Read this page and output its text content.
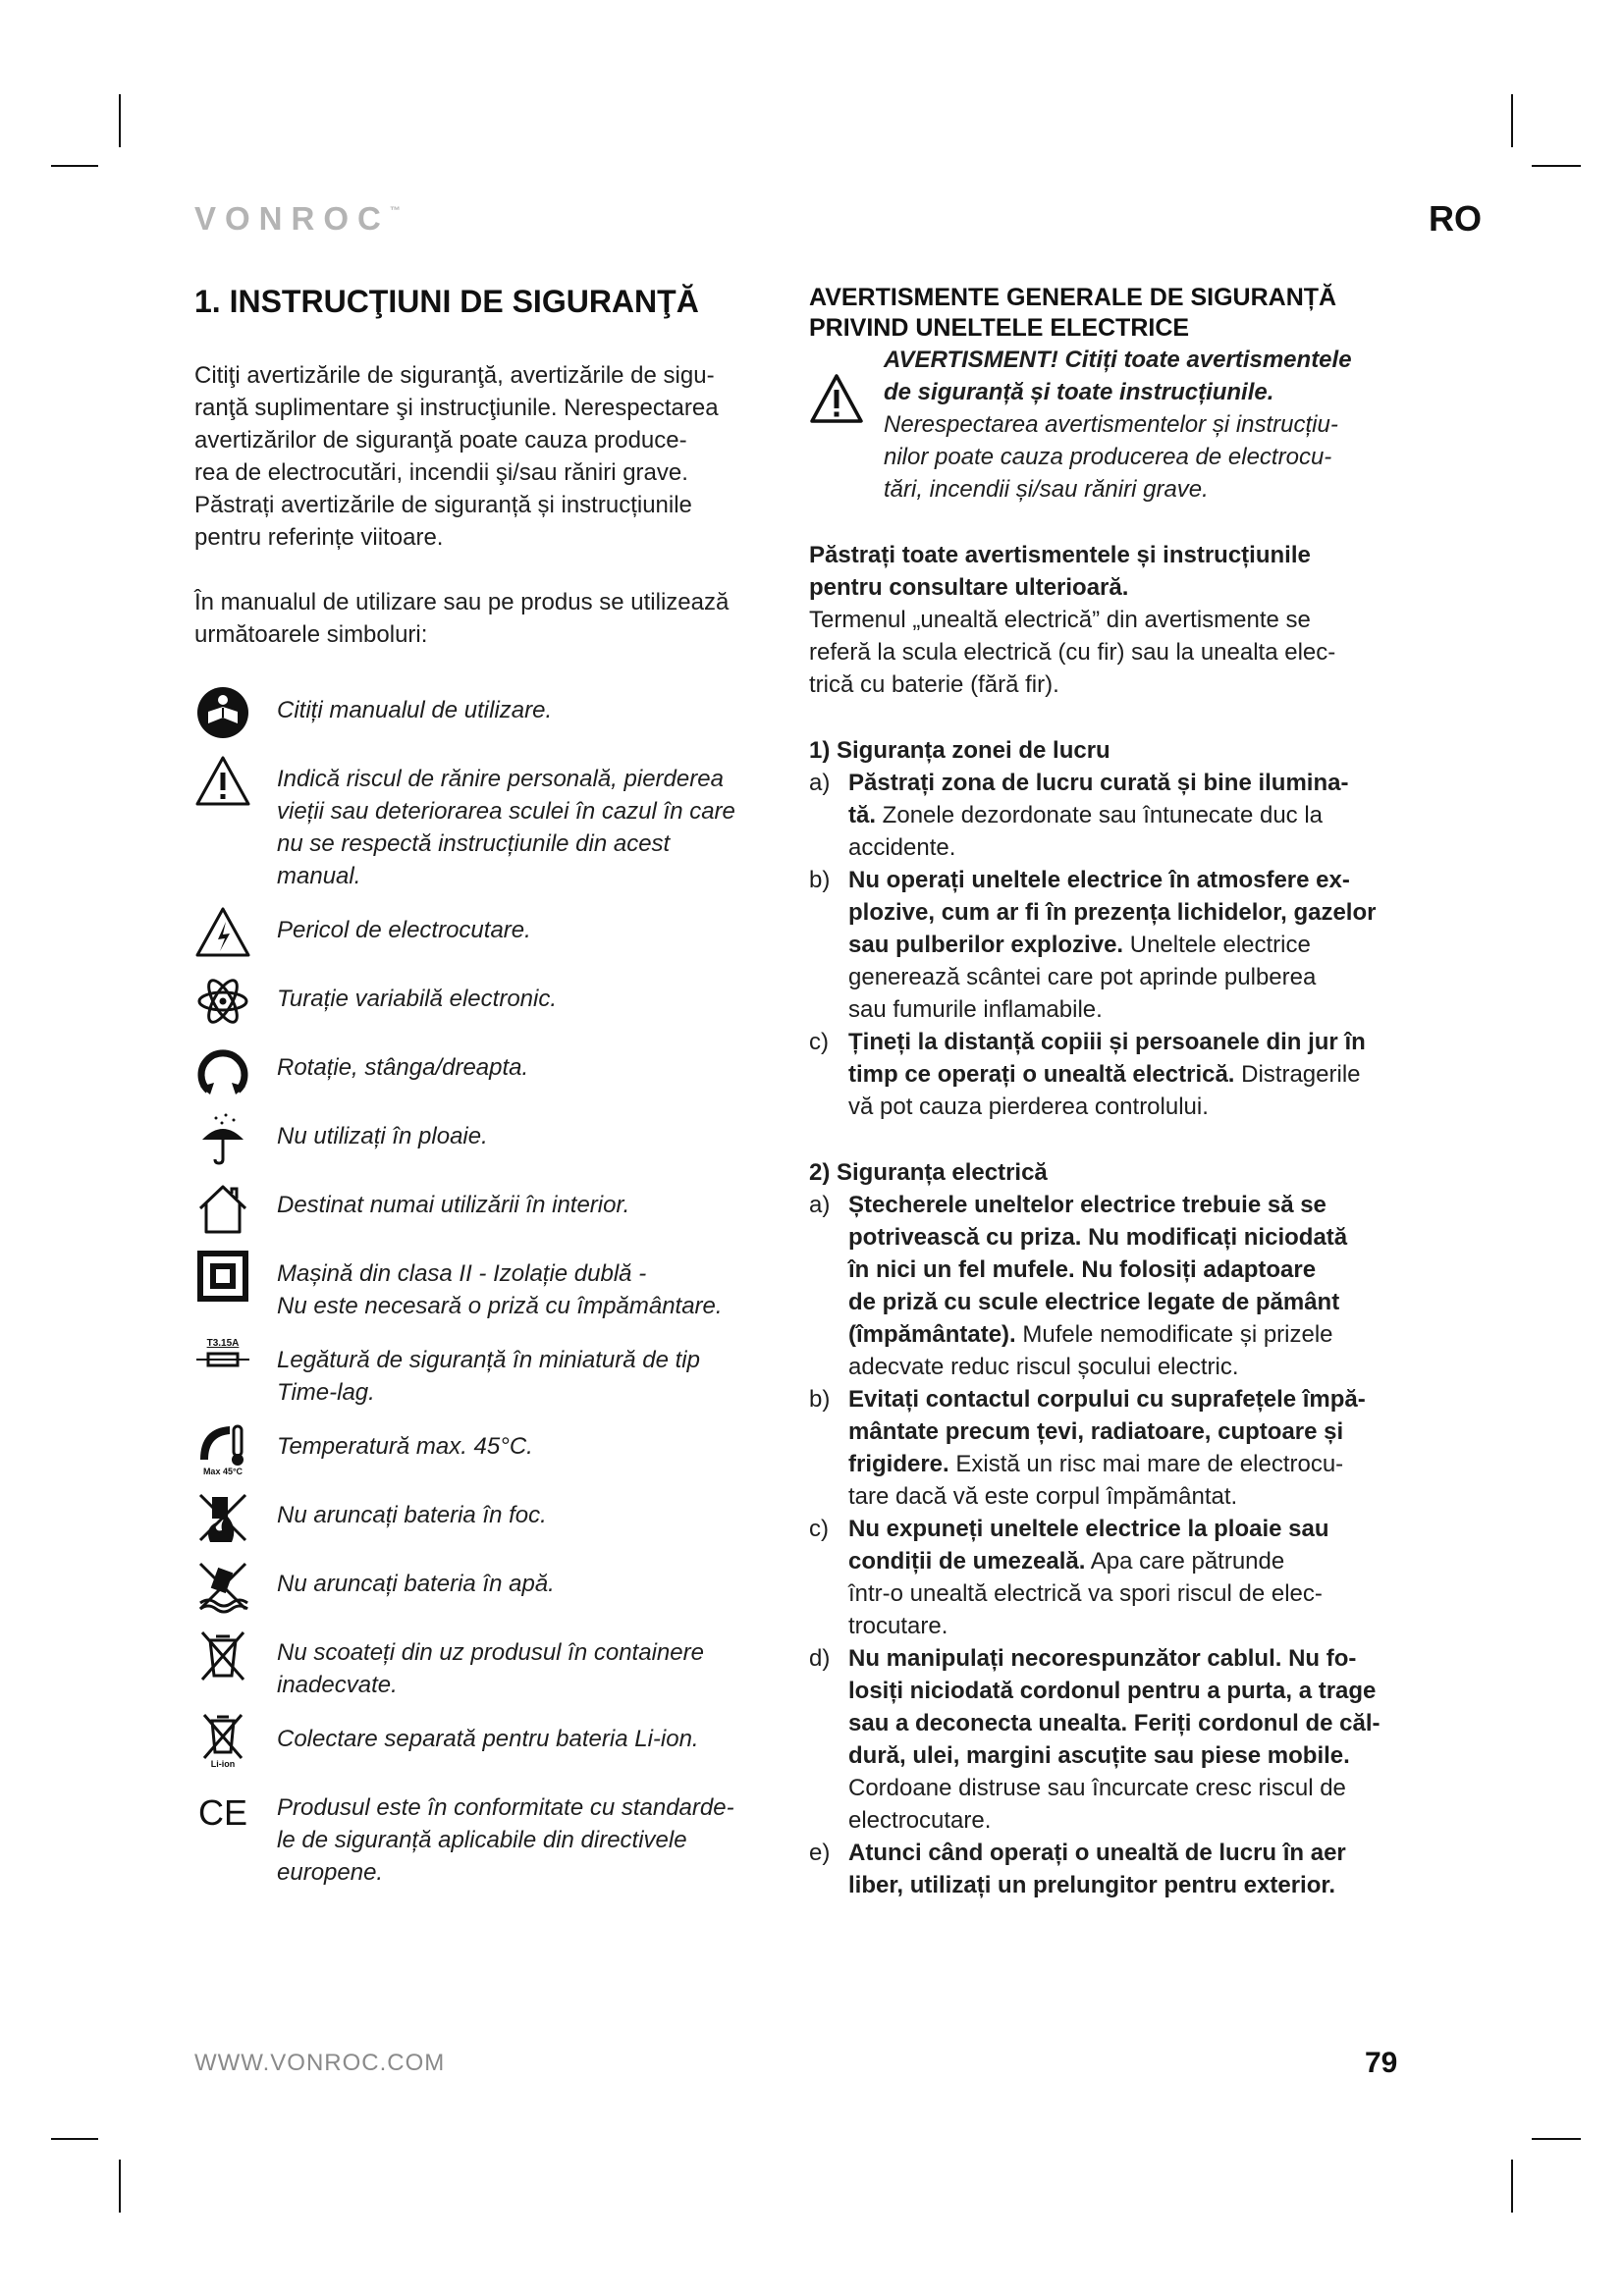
VONROC™	RO
1. INSTRUCŢIUNI DE SIGURANŢĂ

Citiţi avertizările de siguranţă, avertizările de sigu-
ranţă suplimentare şi instrucţiunile. Nerespectarea
avertizărilor de siguranţă poate cauza produce-
rea de electrocutări, incendii şi/sau răniri grave.
Păstrați avertizările de siguranță și instrucțiunile
pentru referințe viitoare.

În manualul de utilizare sau pe produs se utilizează
următoarele simboluri:

Citiți manualul de utilizare.
Indică riscul de rănire personală, pierderea
vieții sau deteriorarea sculei în cazul în care
nu se respectă instrucțiunile din acest
manual.
Pericol de electrocutare.
Turație variabilă electronic.
Rotație, stânga/dreapta.
Nu utilizați în ploaie.
Destinat numai utilizării în interior.
Mașină din clasa II - Izolație dublă -
Nu este necesară o priză cu împământare.
T3.15A
Legătură de siguranță în miniatură de tip
Time-lag.
Max 45°C
Temperatură max. 45°C.
Nu aruncați bateria în foc.
Nu aruncați bateria în apă.
Nu scoateți din uz produsul în containere
inadecvate.
Li-ion
Colectare separată pentru bateria Li-ion.
CE Produsul este în conformitate cu standarde-
le de siguranță aplicabile din directivele
europene.
AVERTISMENTE GENERALE DE SIGURANȚĂ
PRIVIND UNELTELE ELECTRICE

AVERTISMENT! Citiți toate avertismentele
de siguranță și toate instrucțiunile.

Nerespectarea avertismentelor și instrucțiu-
nilor poate cauza producerea de electrocu-
tări, incendii și/sau răniri grave.

Păstrați toate avertismentele și instrucțiunile
pentru consultare ulterioară.

Termenul „unealtă electrică” din avertismente se
referă la scula electrică (cu fir) sau la unealta elec-
trică cu baterie (fără fir).

1) Siguranța zonei de lucru
a) Păstrați zona de lucru curată și bine ilumina-
tă. Zonele dezordonate sau întunecate duc la
accidente.
b) Nu operați uneltele electrice în atmosfere ex-
plozive, cum ar fi în prezența lichidelor, gazelor
sau pulberilor explozive. Uneltele electrice
generează scântei care pot aprinde pulberea
sau fumurile inflamabile.
c) Țineți la distanță copiii și persoanele din jur în
timp ce operați o unealtă electrică. Distragerile
vă pot cauza pierderea controlului.
2) Siguranța electrică
a) Ștecherele uneltelor electrice trebuie să se
potrivească cu priza. Nu modificați niciodată
în nici un fel mufele. Nu folosiți adaptoare
de priză cu scule electrice legate de pământ
(împământate). Mufele nemodificate și prizele
adecvate reduc riscul șocului electric.
b) Evitați contactul corpului cu suprafețele împă-
mântate precum țevi, radiatoare, cuptoare și
frigidere. Există un risc mai mare de electrocu-
tare dacă vă este corpul împământat.
c) Nu expuneți uneltele electrice la ploaie sau
condiții de umezeală. Apa care pătrunde
într-o unealtă electrică va spori riscul de elec-
trocutare.
d) Nu manipulați necorespunzător cablul. Nu fo-
losiți niciodată cordonul pentru a purta, a trage
sau a deconecta unealta. Feriți cordonul de căl-
dură, ulei, margini ascuțite sau piese mobile.
Cordoane distruse sau încurcate cresc riscul de
electrocutare.
e) Atunci când operați o unealtă de lucru în aer
liber, utilizați un prelungitor pentru exterior.
WWW.VONROC.COM	79
